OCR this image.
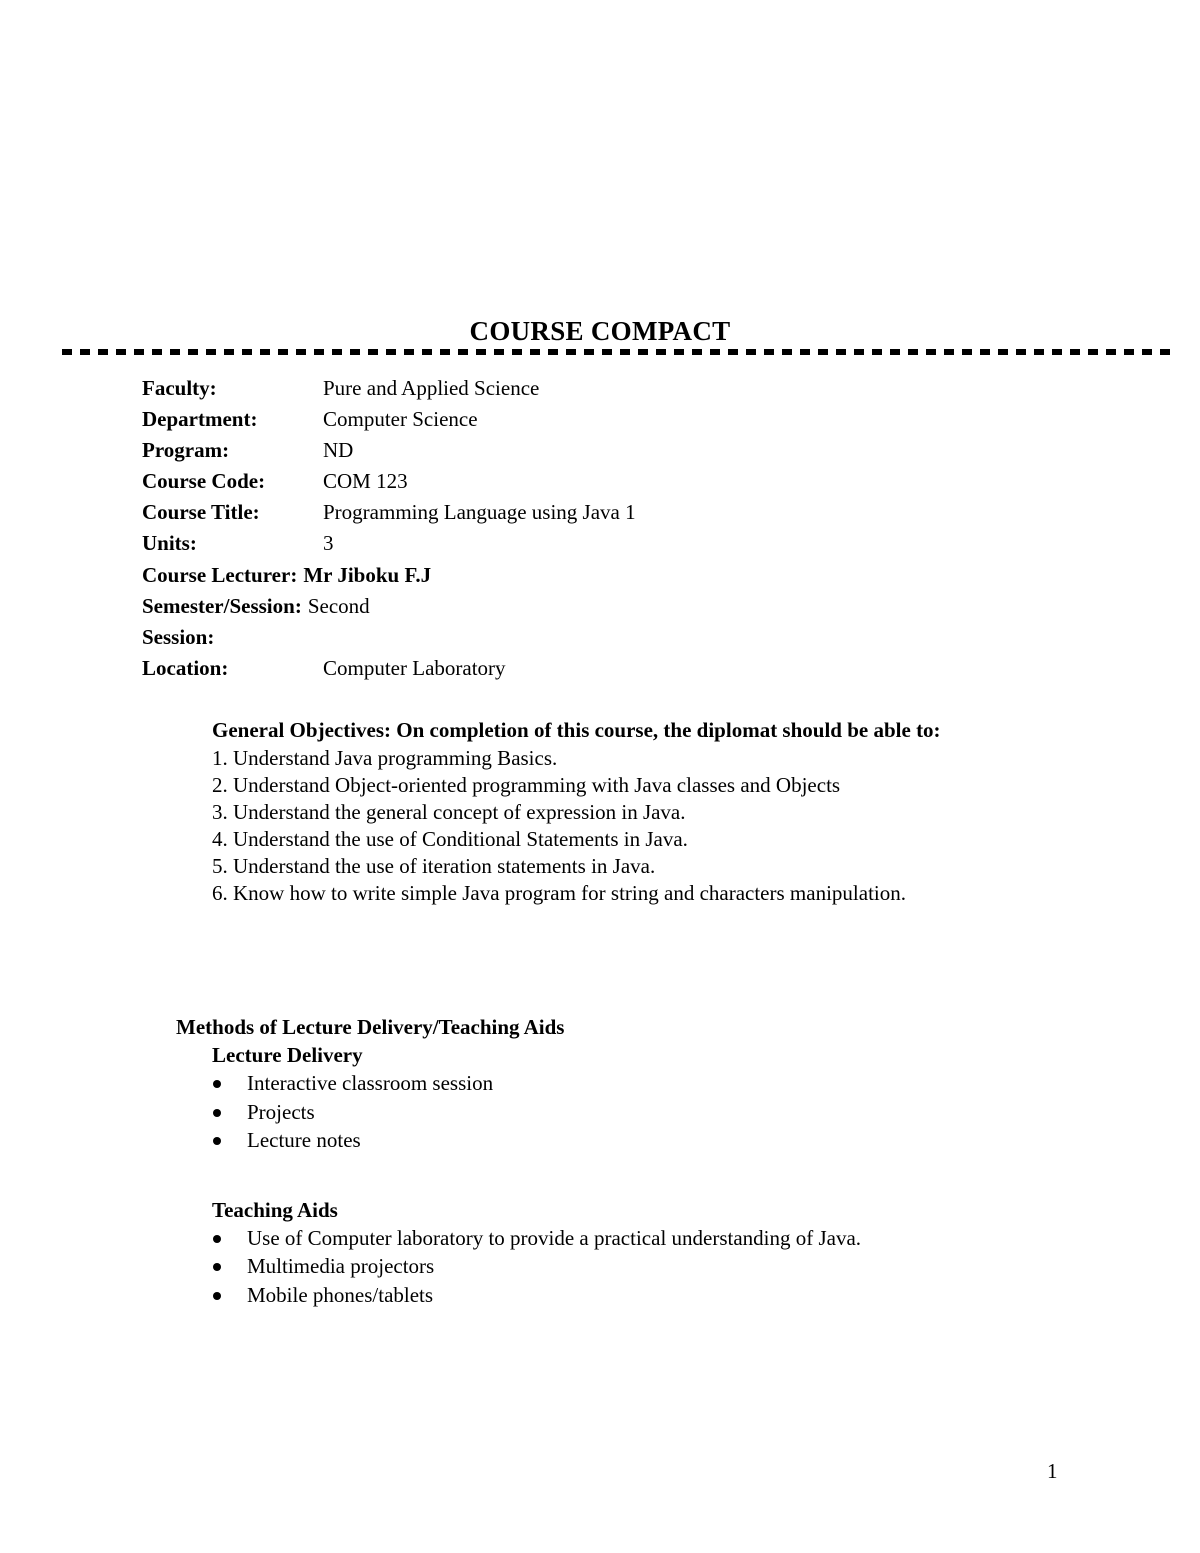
COURSE COMPACT
Faculty:	Pure and Applied Science
Department:	Computer Science
Program:	ND
Course Code:	COM 123
Course Title:	Programming Language using Java 1
Units:	3
Course Lecturer: Mr Jiboku F.J
Semester/Session: Second
Session:
Location:	Computer Laboratory
General Objectives: On completion of this course, the diplomat should be able to:
1. Understand Java programming Basics.
2. Understand Object-oriented programming with Java classes and Objects
3. Understand the general concept of expression in Java.
4. Understand the use of Conditional Statements in Java.
5. Understand the use of iteration statements in Java.
6. Know how to write simple Java program for string and characters manipulation.
Methods of Lecture Delivery/Teaching Aids
Lecture Delivery
Interactive classroom session
Projects
Lecture notes
Teaching Aids
Use of Computer laboratory to provide a practical understanding of Java.
Multimedia projectors
Mobile phones/tablets
1
